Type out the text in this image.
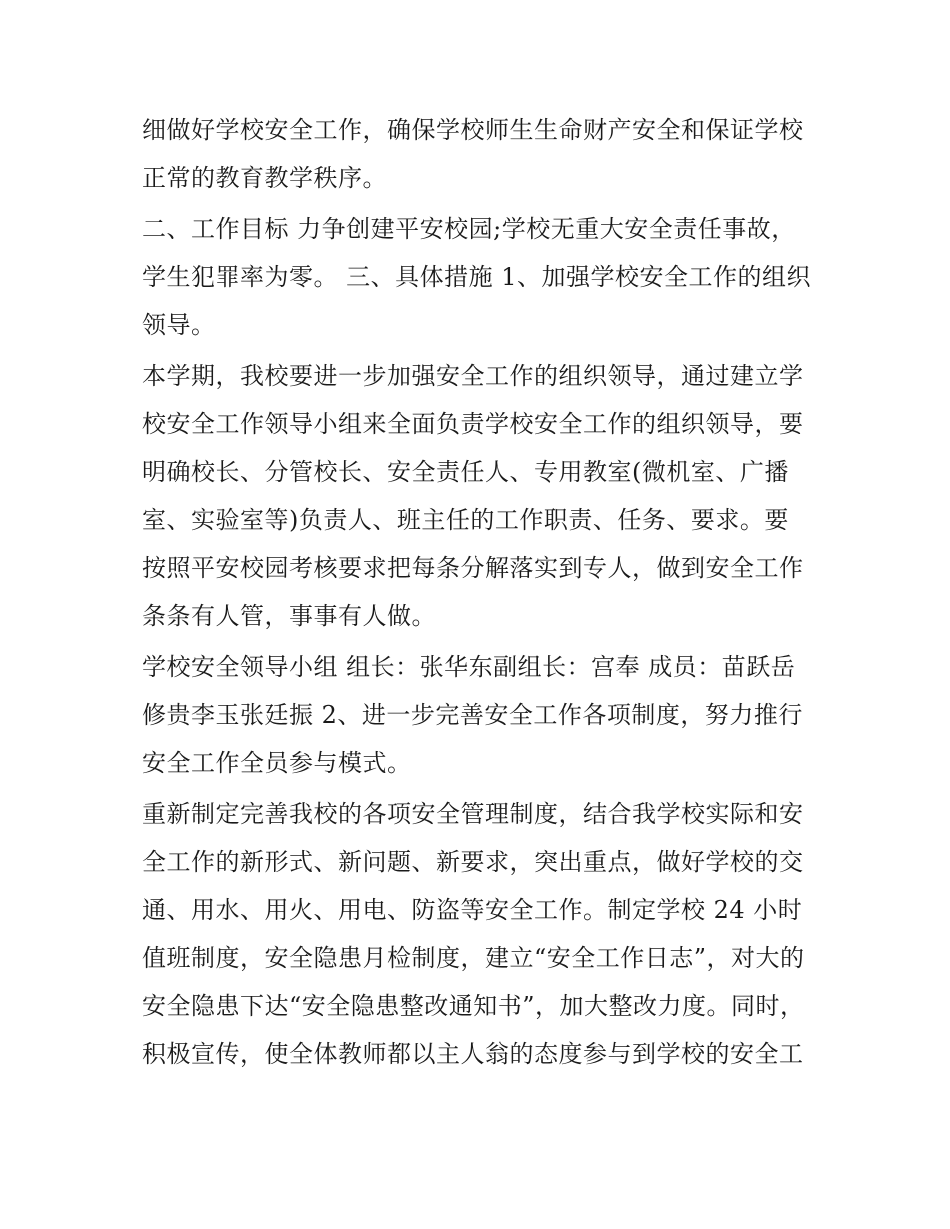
细做好学校安全工作，确保学校师生生命财产安全和保证学校
正常的教育教学秩序。
二、工作目标 力争创建平安校园;学校无重大安全责任事故，
学生犯罪率为零。 三、具体措施 1、加强学校安全工作的组织
领导。
本学期，我校要进一步加强安全工作的组织领导，通过建立学
校安全工作领导小组来全面负责学校安全工作的组织领导，要
明确校长、分管校长、安全责任人、专用教室(微机室、广播
室、实验室等)负责人、班主任的工作职责、任务、要求。要
按照平安校园考核要求把每条分解落实到专人，做到安全工作
条条有人管，事事有人做。
学校安全领导小组 组长：张华东副组长：宫奉 成员：苗跃岳
修贵李玉张廷振 2、进一步完善安全工作各项制度，努力推行
安全工作全员参与模式。
重新制定完善我校的各项安全管理制度，结合我学校实际和安
全工作的新形式、新问题、新要求，突出重点，做好学校的交
通、用水、用火、用电、防盗等安全工作。制定学校 24 小时
值班制度，安全隐患月检制度，建立“安全工作日志”，对大的
安全隐患下达“安全隐患整改通知书”，加大整改力度。同时，
积极宣传，使全体教师都以主人翁的态度参与到学校的安全工
